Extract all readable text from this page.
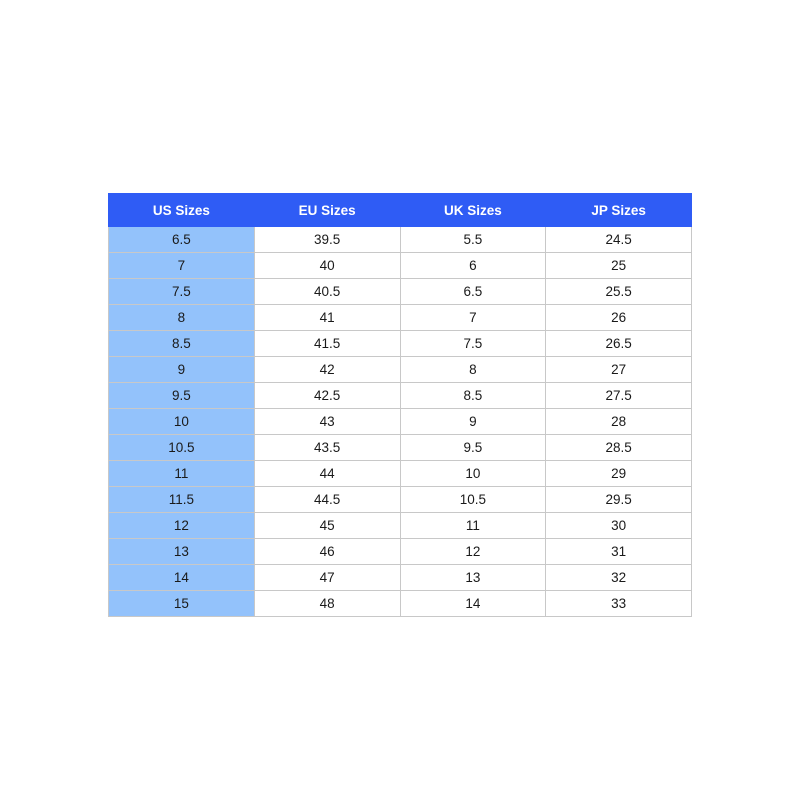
US Sizes	EU Sizes	UK Sizes	JP Sizes
6.5	39.5	5.5	24.5
7	40	6	25
7.5	40.5	6.5	25.5
8	41	7	26
8.5	41.5	7.5	26.5
9	42	8	27
9.5	42.5	8.5	27.5
10	43	9	28
10.5	43.5	9.5	28.5
11	44	10	29
11.5	44.5	10.5	29.5
12	45	11	30
13	46	12	31
14	47	13	32
15	48	14	33
